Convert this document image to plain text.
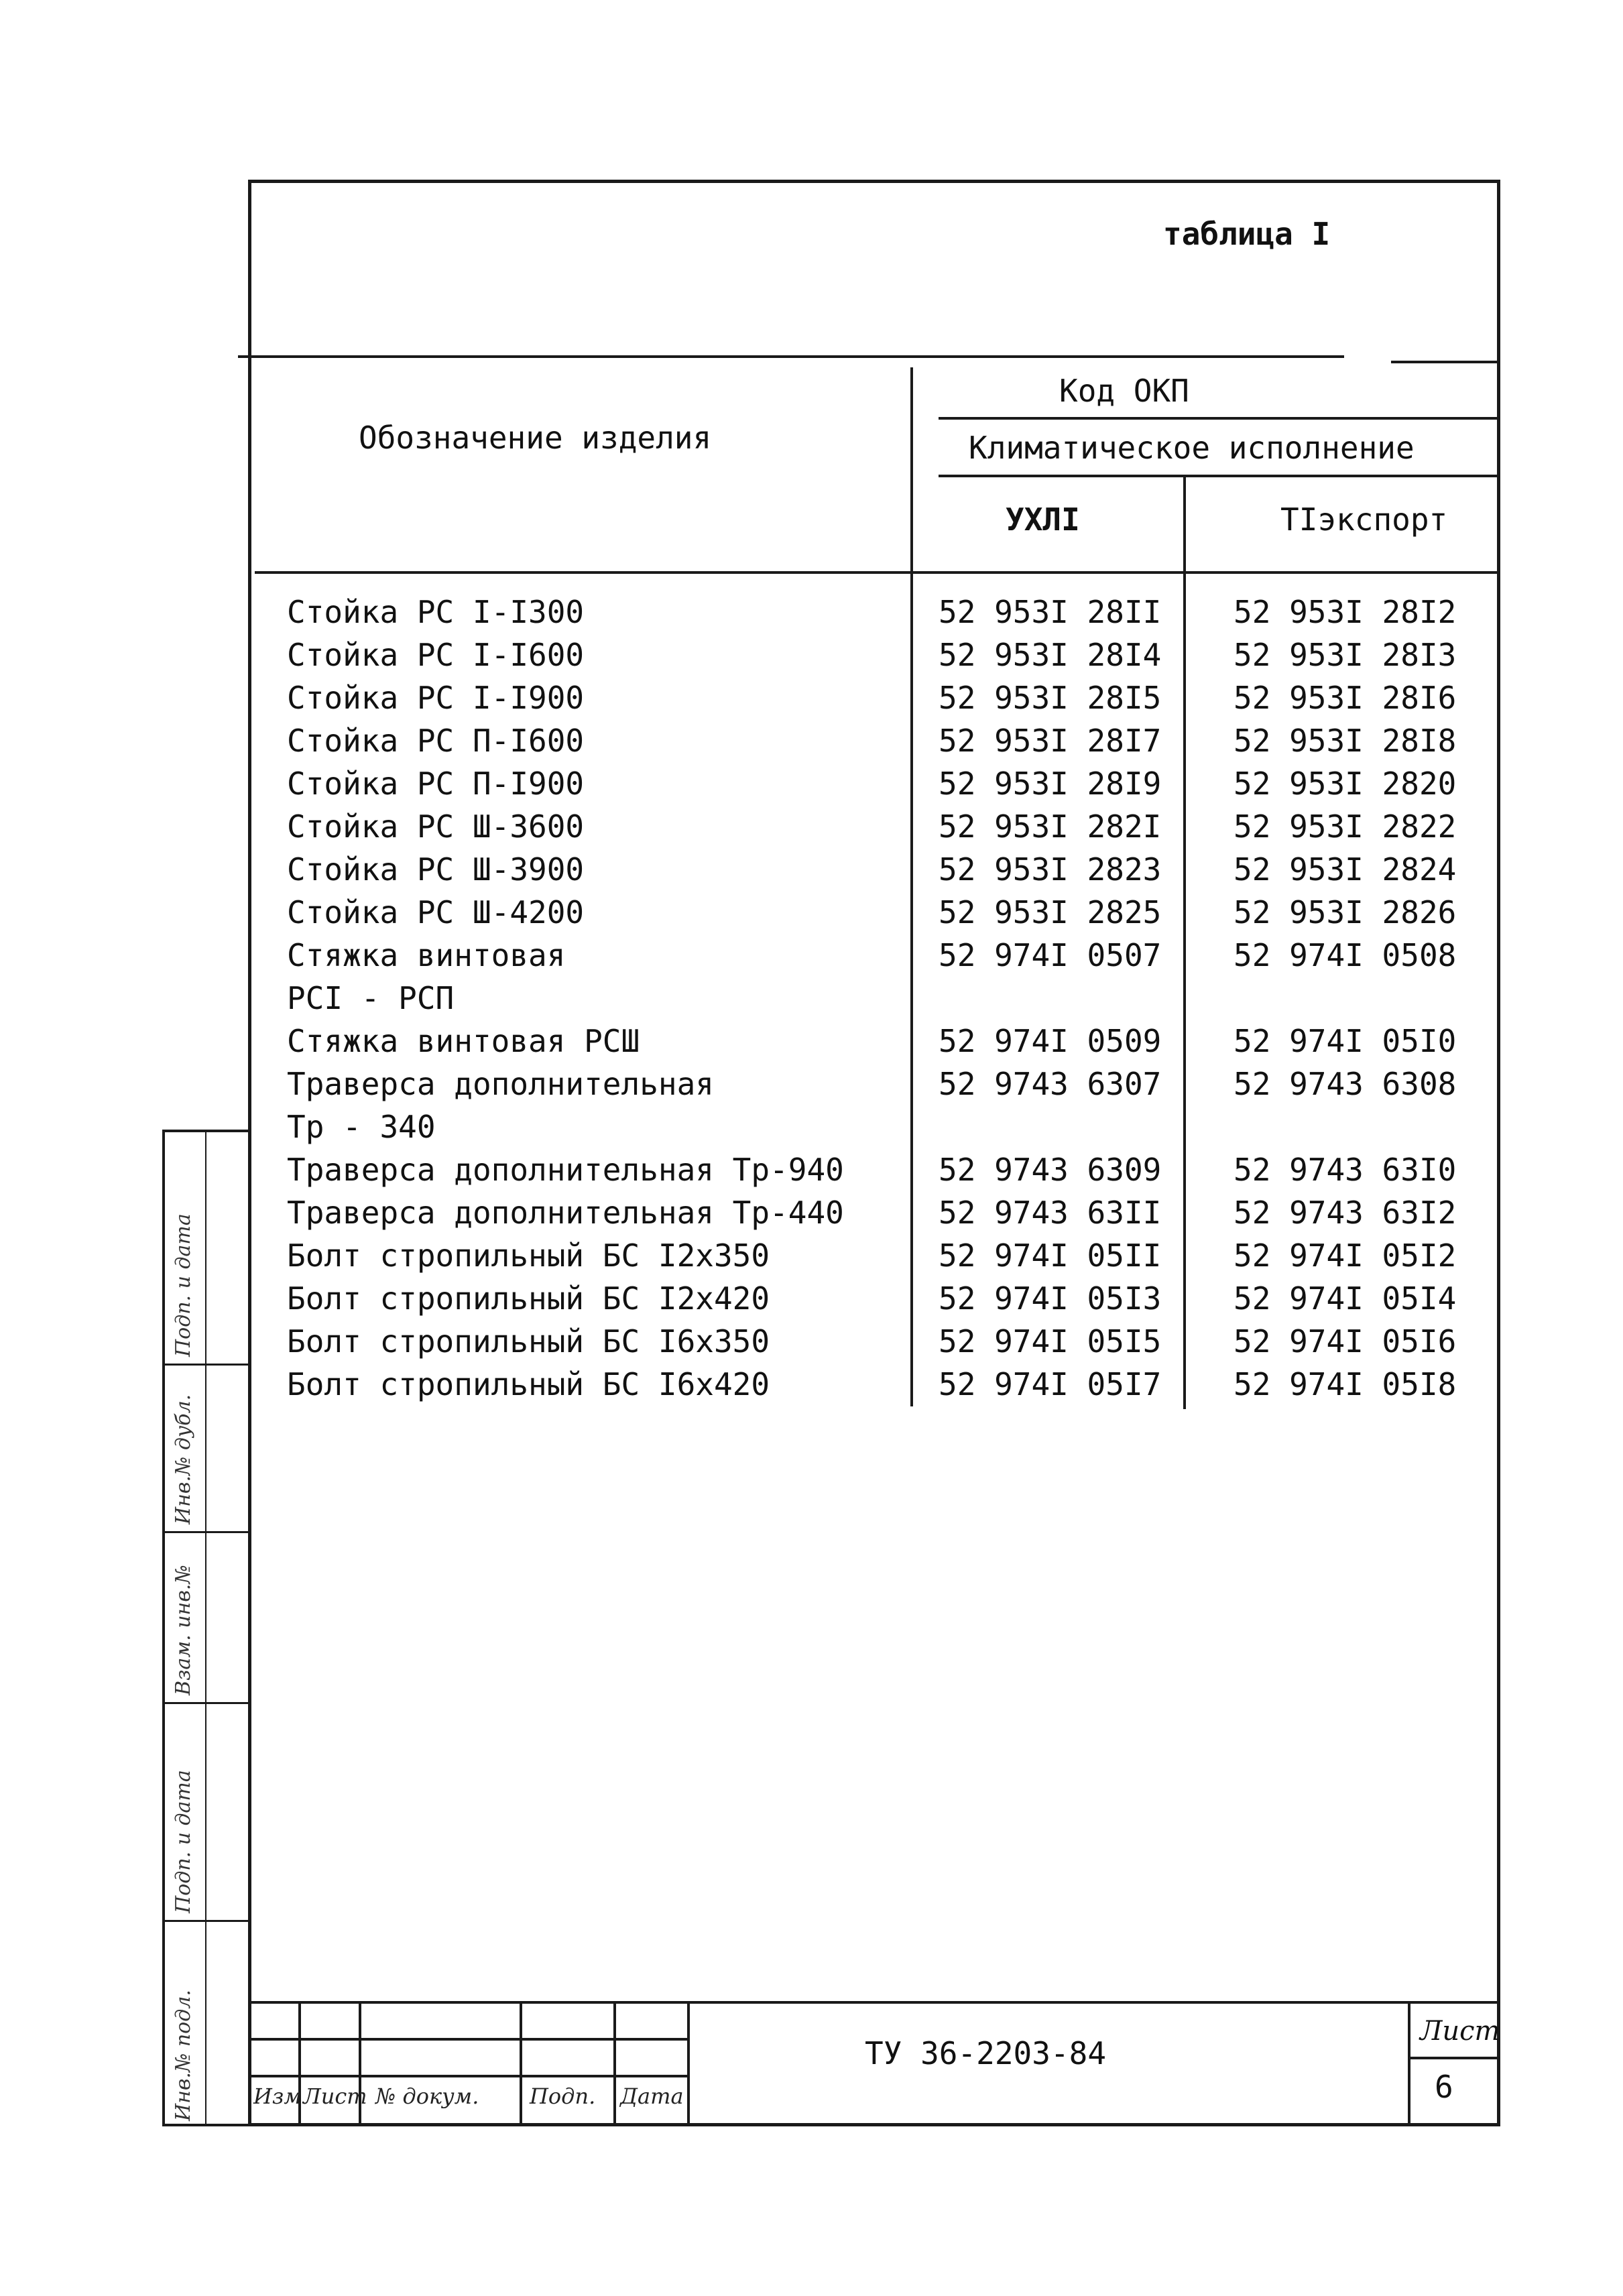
таблица I
Обозначение изделия
Код ОКП
Климатическое исполнение
УХЛI	ТIэкспорт
Стойка РС I-I300	52 953I 28II 52 953I 28I2
Стойка РС I-I600	52 953I 28I4 52 953I 28I3
Стойка РС I-I900	52 953I 28I5 52 953I 28I6
Стойка РС П-I600	52 953I 28I7 52 953I 28I8
Стойка РС П-I900	52 953I 28I9 52 953I 2820
Стойка РС Ш-3600	52 953I 282I 52 953I 2822
Стойка РС Ш-3900	52 953I 2823 52 953I 2824
Стойка РС Ш-4200	52 953I 2825 52 953I 2826
Стяжка винтовая	52 974I 0507 52 974I 0508
РСI - РСП
Стяжка винтовая РСШ	52 974I 0509 52 974I 05I0
Траверса дополнительная	52 9743 6307 52 9743 6308
Тр - 340
Траверса дополнительная Тр-940	52 9743 6309 52 9743 63I0
Траверса дополнительная Тр-440	52 9743 63II 52 9743 63I2
Болт стропильный БС I2х350	52 974I 05II 52 974I 05I2
Болт стропильный БС I2х420	52 974I 05I3 52 974I 05I4
Болт стропильный БС I6х350	52 974I 05I5 52 974I 05I6
Болт стропильный БС I6х420	52 974I 05I7 52 974I 05I8
Подп. и дата
Инв.№ дубл.
Взам. инв.№
Подп. и дата
Инв.№ подл.	Изм Лист № докум. Подп. Дата
ТУ 36-2203-84
Лист
6
